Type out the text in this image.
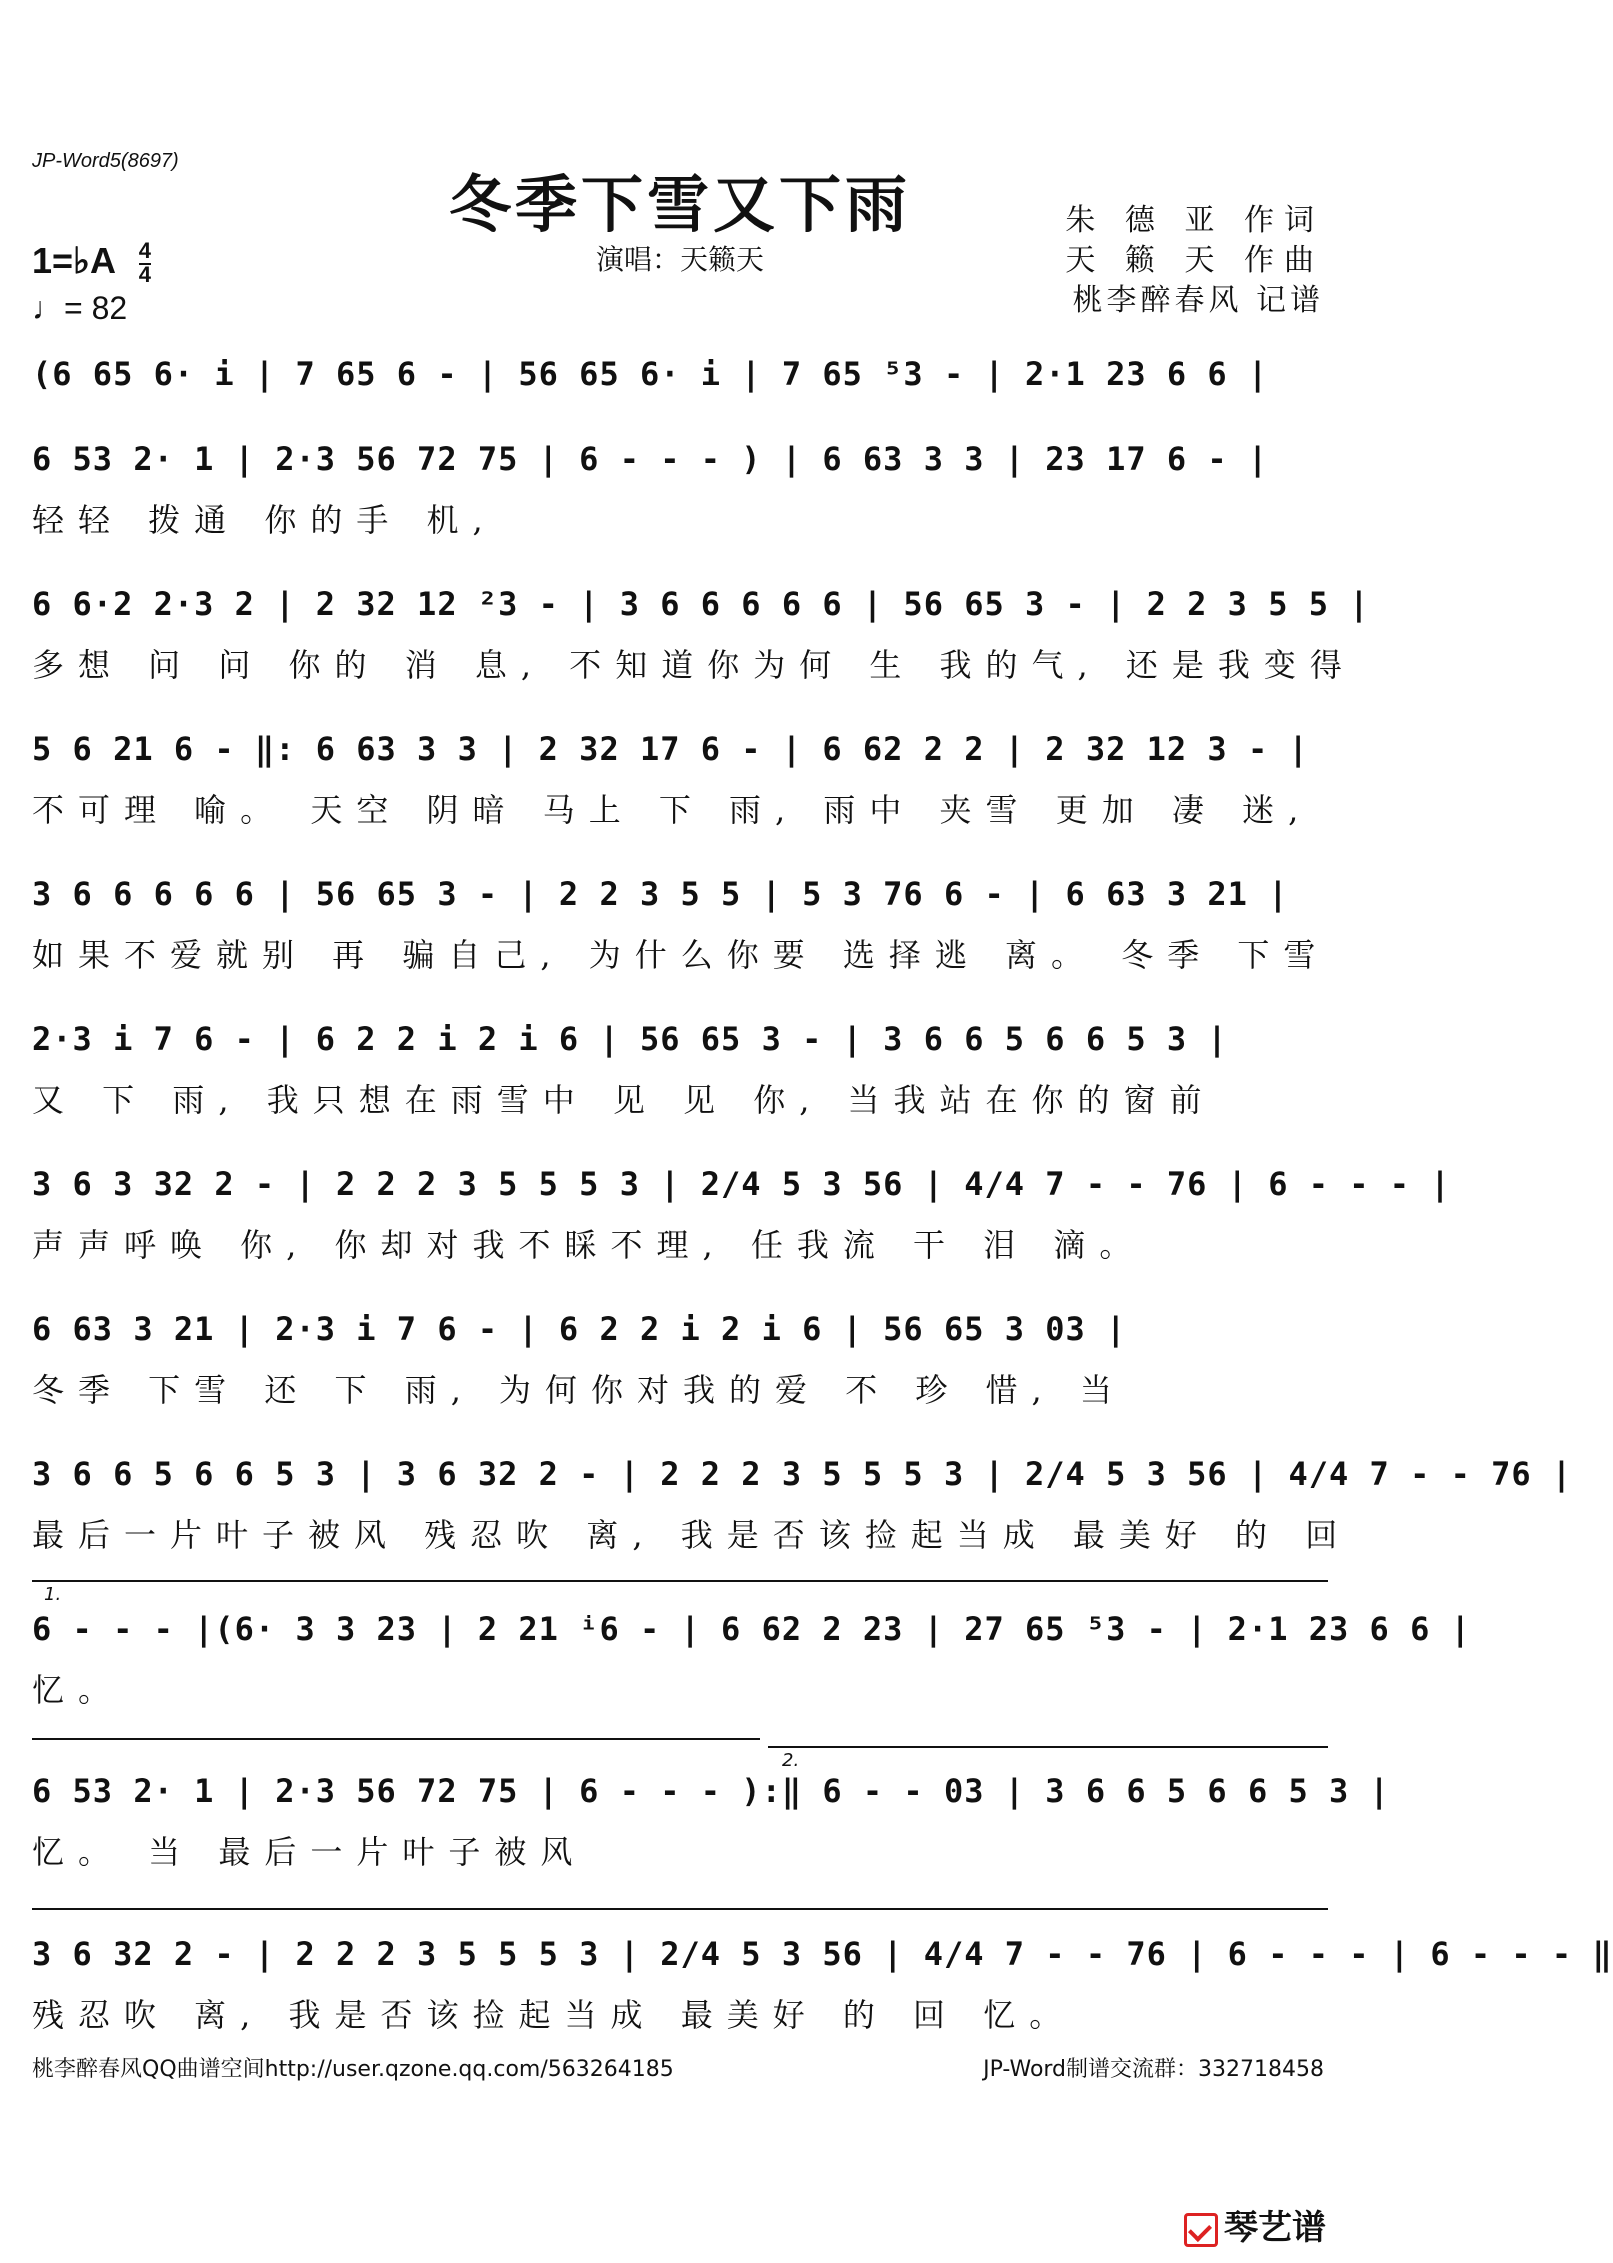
JP-Word5(8697)
冬季下雪又下雨
演唱：天籁天
朱 德 亚 作词
天 籁 天 作曲
桃李醉春风 记谱
1=♭A $\frac{4}{4}$
♩= 82
(6 65 6· i | 7 65 6 - | 56 65 6· i | 7 65 ⁵3 - | 2·1 23 6 6 |
6 53 2· 1 | 2·3 56 72 75 | 6 - - - ) | 6 63 3 3 | 23 17 6 - |
轻轻 拨通 你的手 机,
6 6·2 2·3 2 | 2 32 12 ²3 - | 3 6 6 6 6 6 | 56 65 3 - | 2 2 3 5 5 |
多想 问 问 你的 消 息, 不知道你为何 生 我的气, 还是我变得
5 6 21 6 - ‖: 6 63 3 3 | 2 32 17 6 - | 6 62 2 2 | 2 32 12 3 - |
不可理 喻。 天空 阴暗 马上 下 雨, 雨中 夹雪 更加 凄 迷,
3 6 6 6 6 6 | 56 65 3 - | 2 2 3 5 5 | 5 3 76 6 - | 6 63 3 21 |
如果不爱就别 再 骗自己, 为什么你要 选择逃 离。 冬季 下雪
2·3 i 7 6 - | 6 2 2 i 2 i 6 | 56 65 3 - | 3 6 6 5 6 6 5 3 |
又 下 雨, 我只想在雨雪中 见 见 你, 当我站在你的窗前
3 6 3 32 2 - | 2 2 2 3 5 5 5 3 | 2/4 5 3 56 | 4/4 7 - - 76 | 6 - - - |
声声呼唤 你, 你却对我不睬不理, 任我流 干 泪 滴。
6 63 3 21 | 2·3 i 7 6 - | 6 2 2 i 2 i 6 | 56 65 3 03 |
冬季 下雪 还 下 雨, 为何你对我的爱 不 珍 惜, 当
3 6 6 5 6 6 5 3 | 3 6 32 2 - | 2 2 2 3 5 5 5 3 | 2/4 5 3 56 | 4/4 7 - - 76 |
最后一片叶子被风 残忍吹 离, 我是否该捡起当成 最美好 的 回
6 - - - |(6· 3 3 23 | 2 21 ⁱ6 - | 6 62 2 23 | 27 65 ⁵3 - | 2·1 23 6 6 |
忆。
6 53 2· 1 | 2·3 56 72 75 | 6 - - - ):‖ 6 - - 03 | 3 6 6 5 6 6 5 3 |
忆。 当 最后一片叶子被风
3 6 32 2 - | 2 2 2 3 5 5 5 3 | 2/4 5 3 56 | 4/4 7 - - 76 | 6 - - - | 6 - - - ‖
残忍吹 离, 我是否该捡起当成 最美好 的 回 忆。
1.
2.
桃李醉春风QQ曲谱空间http://user.qzone.qq.com/563264185	JP-Word制谱交流群：332718458
琴艺谱
